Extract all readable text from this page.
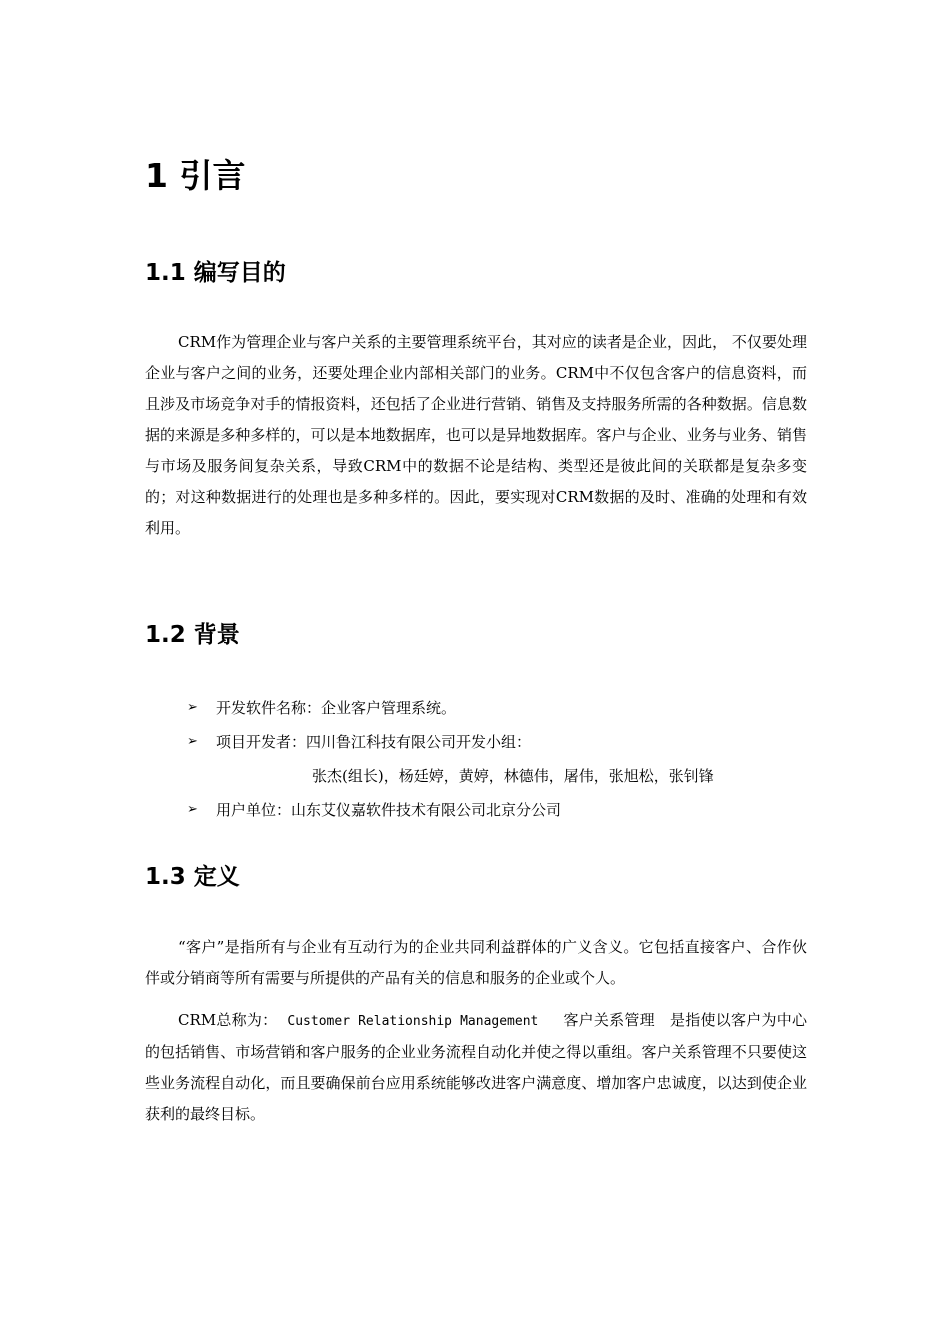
1 引言
1.1 编写目的

CRM作为管理企业与客户关系的主要管理系统平台，其对应的读者是企业，因此， 不仅要处理企业与客户之间的业务，还要处理企业内部相关部门的业务。CRM中不仅包含客户的信息资料，而且涉及市场竞争对手的情报资料，还包括了企业进行营销、销售及支持服务所需的各种数据。信息数据的来源是多种多样的，可以是本地数据库，也可以是异地数据库。客户与企业、业务与业务、销售与市场及服务间复杂关系，导致CRM中的数据不论是结构、类型还是彼此间的关联都是复杂多变的；对这种数据进行的处理也是多种多样的。因此，要实现对CRM数据的及时、准确的处理和有效利用。

1.2 背景
➢ 开发软件名称：企业客户管理系统。
➢ 项目开发者：四川鲁江科技有限公司开发小组：
张杰(组长)，杨廷婷，黄婷，林德伟，屠伟，张旭松，张钊锋
➢ 用户单位：山东艾仪嘉软件技术有限公司北京分公司
1.3 定义

“客户”是指所有与企业有互动行为的企业共同利益群体的广义含义。它包括直接客户、合作伙伴或分销商等所有需要与所提供的产品有关的信息和服务的企业或个人。

CRM总称为： Customer Relationship Management 客户关系管理 是指使以客户为中心的包括销售、市场营销和客户服务的企业业务流程自动化并使之得以重组。客户关系管理不只要使这些业务流程自动化，而且要确保前台应用系统能够改进客户满意度、增加客户忠诚度，以达到使企业获利的最终目标。
